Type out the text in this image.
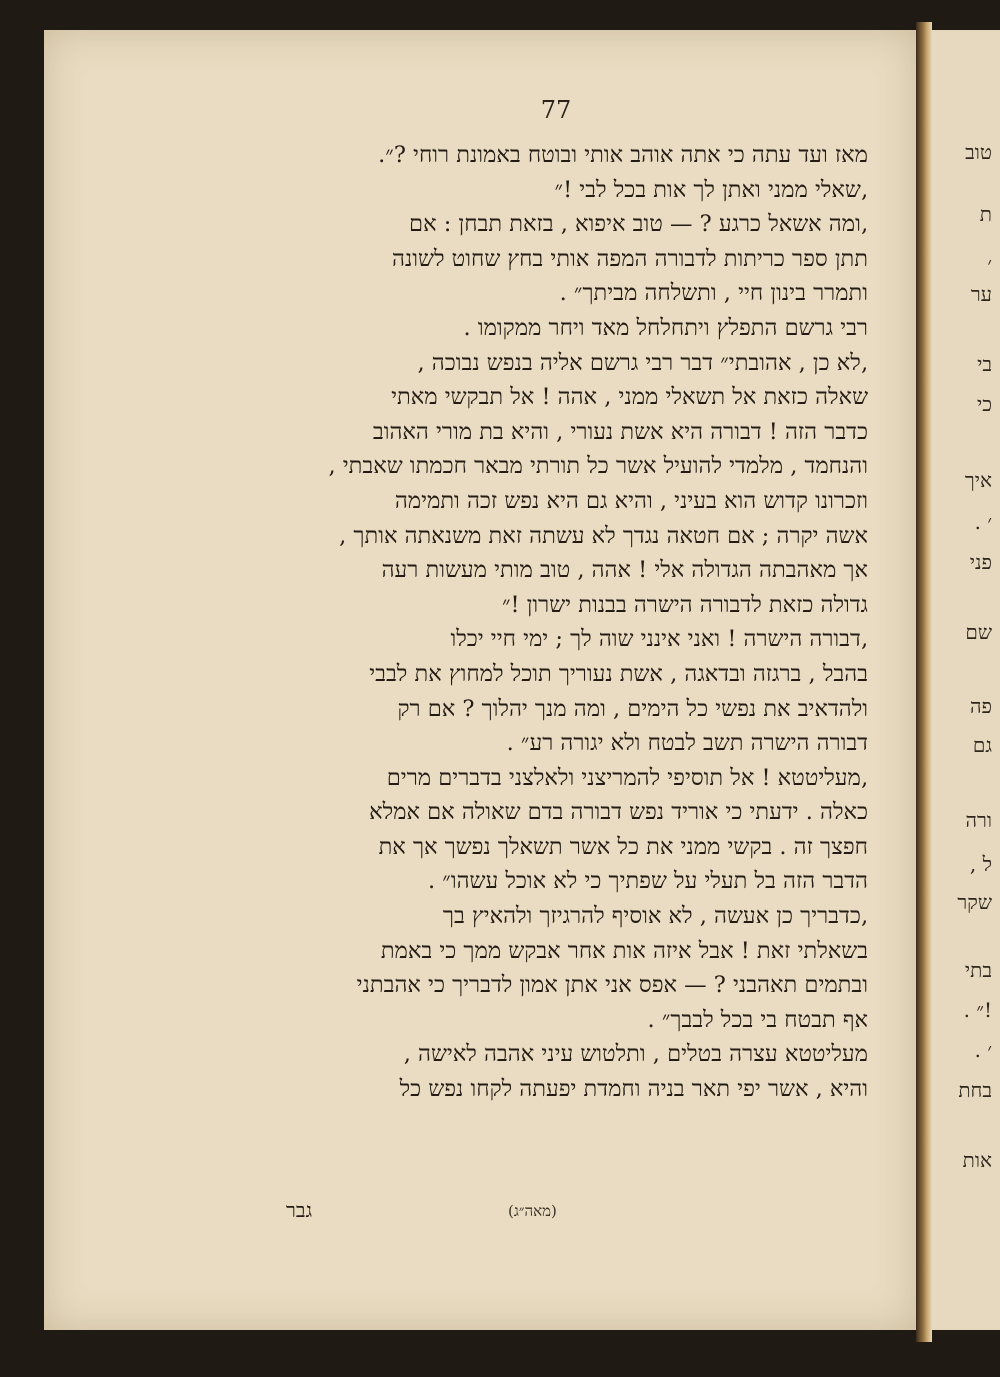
טוב
ת
׳
ער
בי
כי
איך
׳ .
פני
שם
פה
גם
ורה
ל ,
שקר
בתי
!״ .
׳ .
בחת
אות
77
מאז ועד עתה כי אתה אוהב אותי ובוטח באמונת רוחי ?״.
‚שאלי ממני ואתן לך אות בכל לבי !״
‚ומה אשאל כרגע ? — טוב איפוא , בזאת תבחן : אם
תתן ספר כריתות לדבורה המפה אותי בחץ שחוט לשונה
ותמרר בינון חיי , ותשלחה מביתך״ .
רבי גרשם התפלץ ויתחלחל מאד ויחר ממקומו .
‚לא כן , אהובתי״ דבר רבי גרשם אליה בנפש נבוכה ,
שאלה כזאת אל תשאלי ממני , אהה ! אל תבקשי מאתי
כדבר הזה ! דבורה היא אשת נעורי , והיא בת מורי האהוב
והנחמד , מלמדי להועיל אשר כל תורתי מבאר חכמתו שאבתי ,
וזכרונו קדוש הוא בעיני , והיא גם היא נפש זכה ותמימה
אשה יקרה ; אם חטאה נגדך לא עשתה זאת משנאתה אותך ,
אך מאהבתה הגדולה אלי ! אהה , טוב מותי מעשות רעה
גדולה כזאת לדבורה הישרה בבנות ישרון !״
‚דבורה הישרה ! ואני אינני שוה לך ; ימי חיי יכלו
בהבל , ברגזה ובדאגה , אשת נעוריך תוכל למחוץ את לבבי
ולהדאיב את נפשי כל הימים , ומה מנך יהלוך ? אם רק
דבורה הישרה תשב לבטח ולא יגורה רע״ .
‚מעליטטא ! אל תוסיפי להמריצני ולאלצני בדברים מרים
כאלה . ידעתי כי אוריד נפש דבורה בדם שאולה אם אמלא
חפצך זה . בקשי ממני את כל אשר תשאלך נפשך אך את
הדבר הזה בל תעלי על שפתיך כי לא אוכל עשהו״ .
‚כדבריך כן אעשה , לא אוסיף להרגיזך ולהאיץ בך
בשאלתי זאת ! אבל איזה אות אחר אבקש ממך כי באמת
ובתמים תאהבני ? — אפס אני אתן אמון לדבריך כי אהבתני
אף תבטח בי בכל לבבך״ .
מעליטטא עצרה בטלים , ותלטוש עיני אהבה לאישה ,
והיא , אשר יפי תאר בניה וחמדת יפעתה לקחו נפש כל
גבר	(מאה״ג)
